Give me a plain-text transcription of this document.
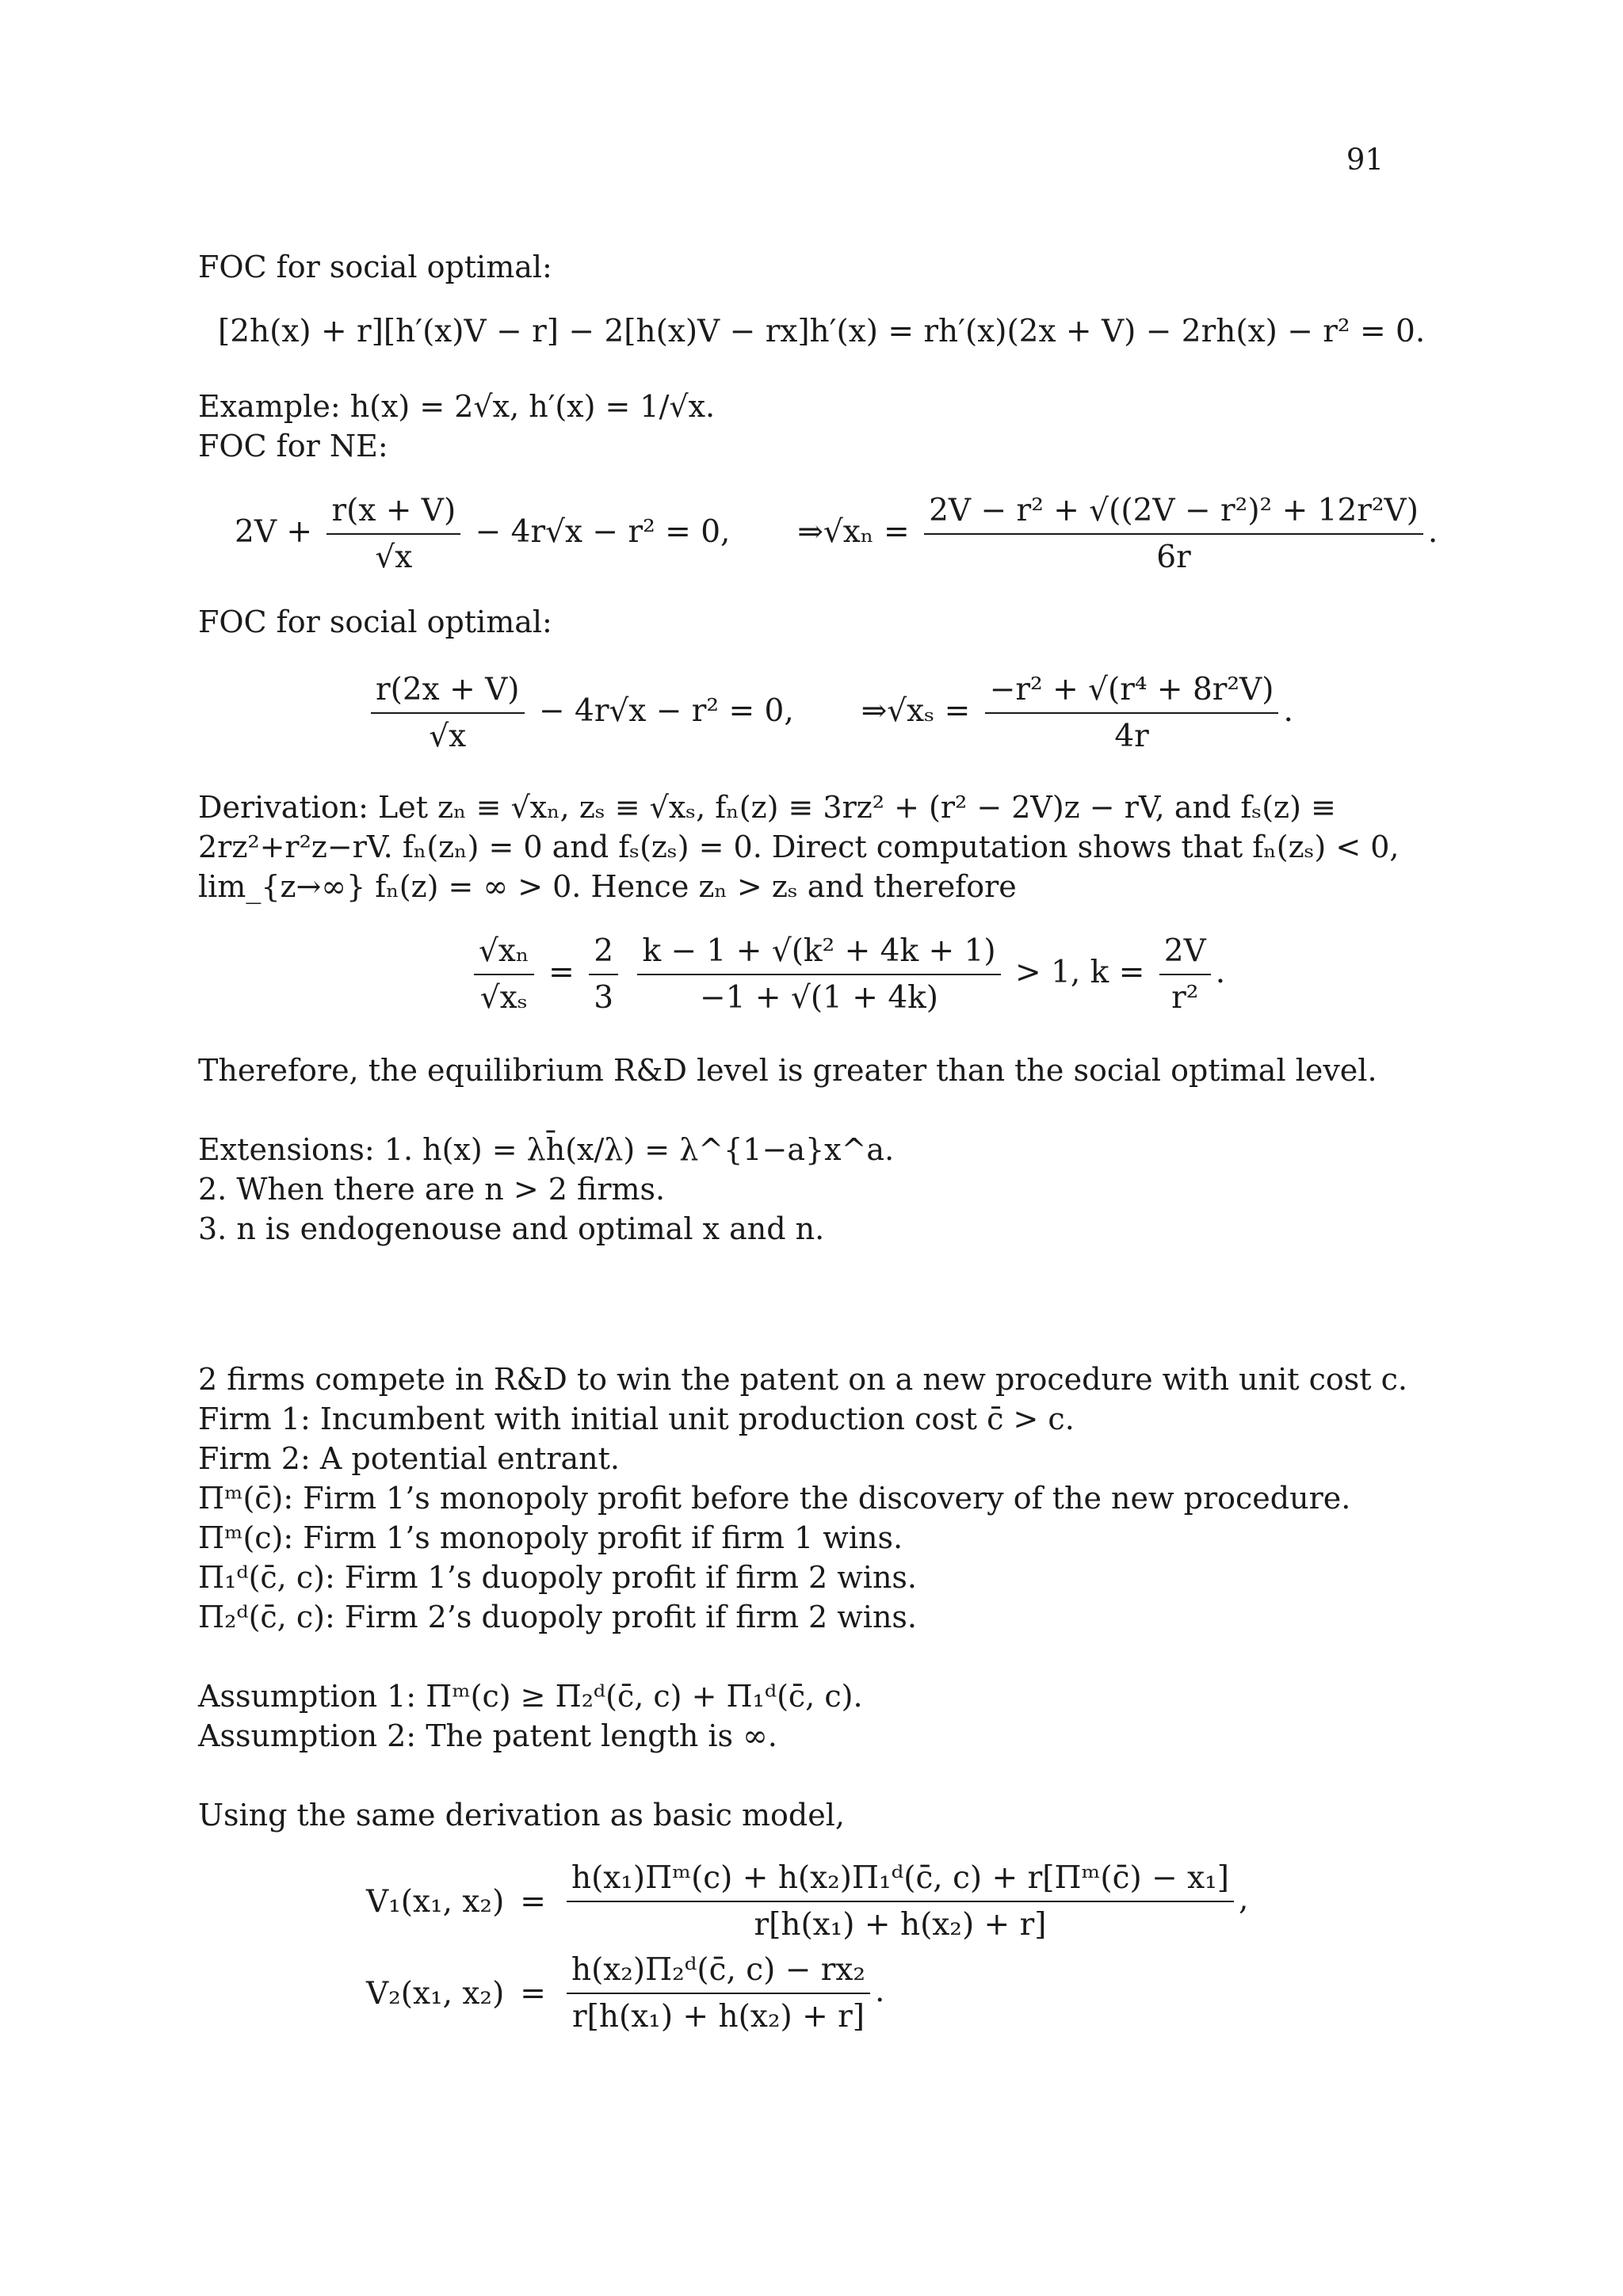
91
FOC for social optimal:
[2h(x) + r][h′(x)V − r] − 2[h(x)V − rx]h′(x) = rh′(x)(2x + V) − 2rh(x) − r² = 0.
Example: h(x) = 2√x, h′(x) = 1/√x.
FOC for NE:
$2V + \frac{r(x + V)}{√x} - 4r√x - r^2 = 0$, ⇒√xₙ = $\frac{\text{2V − r² + √((2V − r²)² + 12r²V)}}{6r}$ .
FOC for social optimal:
$\frac{r(2x + V)}{√x} - 4r√x - r^2 = 0$, ⇒√xₛ = $\frac{\text{−r² + √(r⁴ + 8r²V)}}{4r}$ .
Derivation: Let zₙ ≡ √xₙ, zₛ ≡ √xₛ, fₙ(z) ≡ 3rz² + (r² − 2V)z − rV, and fₛ(z) ≡
2rz²+r²z−rV. fₙ(zₙ) = 0 and fₛ(zₛ) = 0. Direct computation shows that fₙ(zₛ) < 0,
lim_{z→∞} fₙ(z) = ∞ > 0. Hence zₙ > zₛ and therefore
$\frac{\text{√xₙ}}{\text{√xₛ}} = \frac{2}{3}$
$\frac{\text{k − 1 + √(k² + 4k + 1)}}{-1 + √(1 + 4k)} > 1$, $k = \frac{2V}{\text{r²}}$ .
Therefore, the equilibrium R&D level is greater than the social optimal level.
Extensions: 1. h(x) = λh̄(x/λ) = λ^{1−a}x^a.
2. When there are n > 2 firms.
3. n is endogenouse and optimal x and n.
2 firms compete in R&D to win the patent on a new procedure with unit cost c.
Firm 1: Incumbent with initial unit production cost c̄ > c.
Firm 2: A potential entrant.
Πᵐ(c̄): Firm 1’s monopoly profit before the discovery of the new procedure.
Πᵐ(c): Firm 1’s monopoly profit if firm 1 wins.
Π₁ᵈ(c̄, c): Firm 1’s duopoly profit if firm 2 wins.
Π₂ᵈ(c̄, c): Firm 2’s duopoly profit if firm 2 wins.
Assumption 1: Πᵐ(c) ≥ Π₂ᵈ(c̄, c) + Π₁ᵈ(c̄, c).
Assumption 2: The patent length is ∞.
Using the same derivation as basic model,
V₁(x₁, x₂)	=	$\frac{\text{h(x₁)Πᵐ(c) + h(x₂)Π₁ᵈ(c̄, c) + r[Πᵐ(c̄) − x₁]}}{\text{r[h(x₁) + h(x₂) + r]}}$ ,
V₂(x₁, x₂)	=	$\frac{\text{h(x₂)Π₂ᵈ(c̄, c) − rx₂}}{\text{r[h(x₁) + h(x₂) + r]}}$ .
